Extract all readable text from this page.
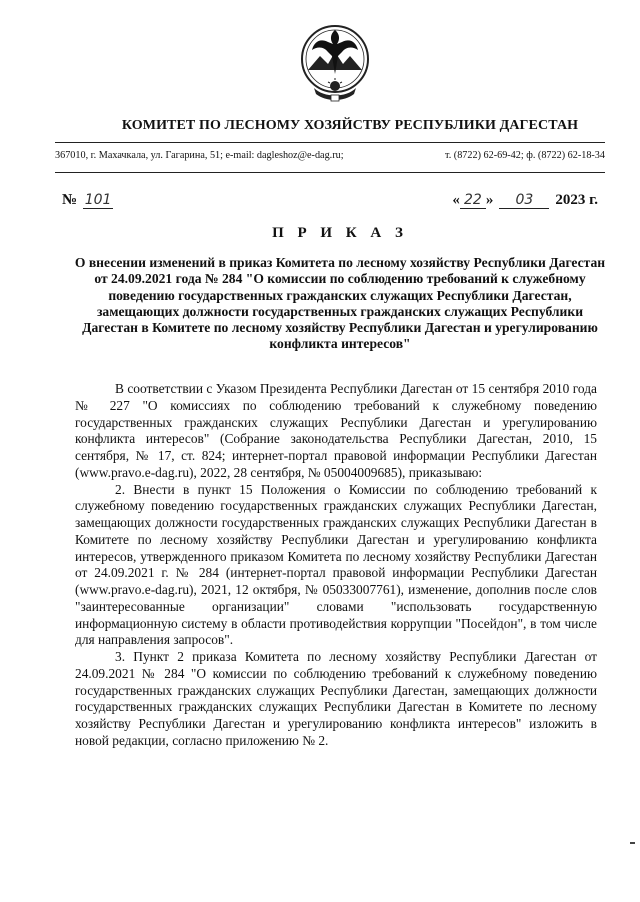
КОМИТЕТ ПО ЛЕСНОМУ ХОЗЯЙСТВУ РЕСПУБЛИКИ ДАГЕСТАН
367010, г. Махачкала, ул. Гагарина, 51; e-mail: dagleshoz@e-dag.ru;	т. (8722) 62-69-42; ф. (8722) 62-18-34
№ 101	« 22 » 03 2023 г.
П Р И К А З
О внесении изменений в приказ Комитета по лесному хозяйству Республики Дагестан от 24.09.2021 года № 284 "О комиссии по соблюдению требований к служебному поведению государственных гражданских служащих Республики Дагестан, замещающих должности государственных гражданских служащих Республики Дагестан в Комитете по лесному хозяйству Республики Дагестан и урегулированию конфликта интересов"

В соответствии с Указом Президента Республики Дагестан от 15 сентября 2010 года № 227 "О комиссиях по соблюдению требований к служебному поведению государственных гражданских служащих Республики Дагестан и урегулированию конфликта интересов" (Собрание законодательства Республики Дагестан, 2010, 15 сентября, № 17, ст. 824; интернет-портал правовой информации Республики Дагестан (www.pravo.e-dag.ru), 2022, 28 сентября, № 05004009685), приказываю:

2. Внести в пункт 15 Положения о Комиссии по соблюдению требований к служебному поведению государственных гражданских служащих Республики Дагестан, замещающих должности государственных гражданских служащих Республики Дагестан в Комитете по лесному хозяйству Республики Дагестан и урегулированию конфликта интересов, утвержденного приказом Комитета по лесному хозяйству Республики Дагестан от 24.09.2021 г. № 284 (интернет-портал правовой информации Республики Дагестан (www.pravo.e-dag.ru), 2021, 12 октября, № 05033007761), изменение, дополнив после слов "заинтересованные организации" словами "использовать государственную информационную систему в области противодействия коррупции "Посейдон", в том числе для направления запросов".

3. Пункт 2 приказа Комитета по лесному хозяйству Республики Дагестан от 24.09.2021 № 284 "О комиссии по соблюдению требований к служебному поведению государственных гражданских служащих Республики Дагестан, замещающих должности государственных гражданских служащих Республики Дагестан в Комитете по лесному хозяйству Республики Дагестан и урегулированию конфликта интересов" изложить в новой редакции, согласно приложению № 2.
